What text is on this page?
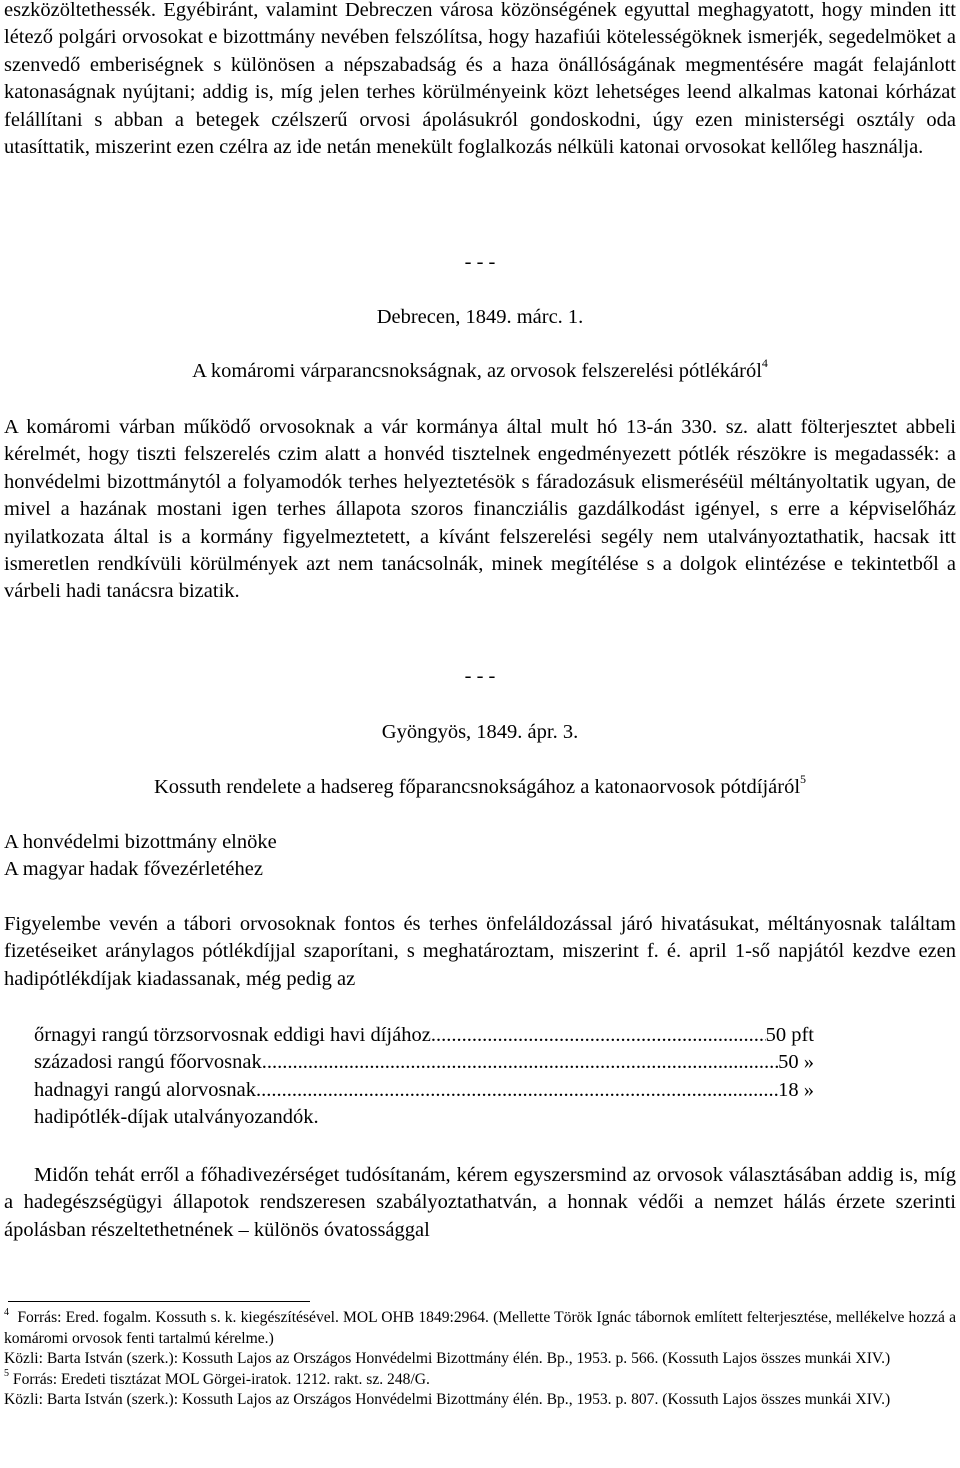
eszközöltethessék. Egyébiránt, valamint Debreczen városa közönségének egyuttal meghagyatott, hogy minden itt létező polgári orvosokat e bizottmány nevében felszólítsa, hogy hazafiúi kötelességöknek ismerjék, segedelmöket a szenvedő emberiségnek s különösen a népszabadság és a haza önállóságának megmentésére magát felajánlott katonaságnak nyújtani; addig is, míg jelen terhes körülményeink közt lehetséges leend alkalmas katonai kórházat felállítani s abban a betegek czélszerű orvosi ápolásukról gondoskodni, úgy ezen ministerségi osztály oda utasíttatik, miszerint ezen czélra az ide netán menekült foglalkozás nélküli katonai orvosokat kellőleg használja.

- - -

Debrecen, 1849. márc. 1.

A komáromi várparancsnokságnak, az orvosok felszerelési pótlékáról$^4$

A komáromi várban működő orvosoknak a vár kormánya által mult hó 13-án 330. sz. alatt fölterjesztet abbeli kérelmét, hogy tiszti felszerelés czim alatt a honvéd tisztelnek engedményezett pótlék részökre is megadassék: a honvédelmi bizottmánytól a folyamodók terhes helyeztetésök s fáradozásuk elismeréséül méltányoltatik ugyan, de mivel a hazának mostani igen terhes állapota szoros financziális gazdálkodást igényel, s erre a képviselőház nyilatkozata által is a kormány figyelmeztetett, a kívánt felszerelési segély nem utalványoztathatik, hacsak itt ismeretlen rendkívüli körülmények azt nem tanácsolnák, minek megítélése s a dolgok elintézése e tekintetből a várbeli hadi tanácsra bizatik.

- - -

Gyöngyös, 1849. ápr. 3.

Kossuth rendelete a hadsereg főparancsnokságához a katonaorvosok pótdíjáról$^5$

A honvédelmi bizottmány elnöke

A magyar hadak fővezérletéhez

Figyelembe vevén a tábori orvosoknak fontos és terhes önfeláldozással járó hivatásukat, méltányosnak találtam fizetéseiket aránylagos pótlékdíjjal szaporítani, s meghatároztam, miszerint f. é. april 1-ső napjától kezdve ezen hadipótlékdíjak kiadassanak, még pedig az

őrnagyi rangú törzsorvosnak eddigi havi díjához .....	50 pft
századosi rangú főorvosnak .....	50 »
hadnagyi rangú alorvosnak .....	18 »
hadipótlék-díjak utalványozandók.

Midőn tehát erről a főhadivezérséget tudósítanám, kérem egyszersmind az orvosok választásában addig is, míg a hadegészségügyi állapotok rendszeresen szabályoztathatván, a honnak védői a nemzet hálás érzete szerinti ápolásban részeltethetnének – különös óvatossággal

$^4$ Forrás: Ered. fogalm. Kossuth s. k. kiegészítésével. MOL OHB 1849:2964. (Mellette Török Ignác tábornok említett felterjesztése, mellékelve hozzá a komáromi orvosok fenti tartalmú kérelme.)

Közli: Barta István (szerk.): Kossuth Lajos az Országos Honvédelmi Bizottmány élén. Bp., 1953. p. 566. (Kossuth Lajos összes munkái XIV.)

$^5$ Forrás: Eredeti tisztázat MOL Görgei-iratok. 1212. rakt. sz. 248/G.

Közli: Barta István (szerk.): Kossuth Lajos az Országos Honvédelmi Bizottmány élén. Bp., 1953. p. 807. (Kossuth Lajos összes munkái XIV.)
